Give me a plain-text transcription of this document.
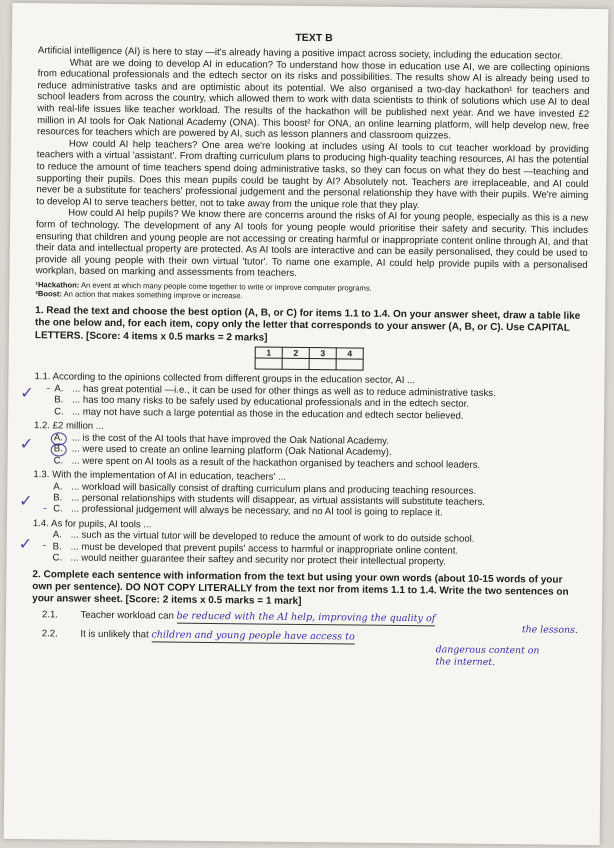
TEXT B

Artificial intelligence (AI) is here to stay —it's already having a positive impact across society, including the education sector.

What are we doing to develop AI in education? To understand how those in education use AI, we are collecting opinions from educational professionals and the edtech sector on its risks and possibilities. The results show AI is already being used to reduce administrative tasks and are optimistic about its potential. We also organised a two-day hackathon¹ for teachers and school leaders from across the country, which allowed them to work with data scientists to think of solutions which use AI to deal with real-life issues like teacher workload. The results of the hackathon will be published next year. And we have invested £2 million in AI tools for Oak National Academy (ONA). This boost² for ONA, an online learning platform, will help develop new, free resources for teachers which are powered by AI, such as lesson planners and classroom quizzes.

How could AI help teachers? One area we're looking at includes using AI tools to cut teacher workload by providing teachers with a virtual 'assistant'. From drafting curriculum plans to producing high-quality teaching resources, AI has the potential to reduce the amount of time teachers spend doing administrative tasks, so they can focus on what they do best —teaching and supporting their pupils. Does this mean pupils could be taught by AI? Absolutely not. Teachers are irreplaceable, and AI could never be a substitute for teachers' professional judgement and the personal relationship they have with their pupils. We're aiming to develop AI to serve teachers better, not to take away from the unique role that they play.

How could AI help pupils? We know there are concerns around the risks of AI for young people, especially as this is a new form of technology. The development of any AI tools for young people would prioritise their safety and security. This includes ensuring that children and young people are not accessing or creating harmful or inappropriate content online through AI, and that their data and intellectual property are protected. As AI tools are interactive and can be easily personalised, they could be used to provide all young people with their own virtual 'tutor'. To name one example, AI could help provide pupils with a personalised workplan, based on marking and assessments from teachers.

¹Hackathon: An event at which many people come together to write or improve computer programs.

²Boost: An action that makes something improve or increase.

1. Read the text and choose the best option (A, B, or C) for items 1.1 to 1.4. On your answer sheet, draw a table like the one below and, for each item, copy only the letter that corresponds to your answer (A, B, or C). Use CAPITAL LETTERS. [Score: 4 items x 0.5 marks = 2 marks]
1	2	3	4

1.1. According to the opinions collected from different groups in the education sector, AI ...
✓ - A. ... has great potential —i.e., it can be used for other things as well as to reduce administrative tasks.
B. ... has too many risks to be safely used by educational professionals and in the edtech sector.
C. ... may not have such a large potential as those in the education and edtech sector believed.
1.2. £2 million ...
✓	A. ... is the cost of the AI tools that have improved the Oak National Academy.
B. ... were used to create an online learning platform (Oak National Academy).
C. ... were spent on AI tools as a result of the hackathon organised by teachers and school leaders.
1.3. With the implementation of AI in education, teachers' ...
✓ -
A. ... workload will basically consist of drafting curriculum plans and producing teaching resources.
B. ... personal relationships with students will disappear, as virtual assistants will substitute teachers.
C. ... professional judgement will always be necessary, and no AI tool is going to replace it.
1.4. As for pupils, AI tools ...
✓ -
A. ... such as the virtual tutor will be developed to reduce the amount of work to do outside school.
B. ... must be developed that prevent pupils' access to harmful or inappropriate online content.
C. ... would neither guarantee their saftey and security nor protect their intellectual property.
2. Complete each sentence with information from the text but using your own words (about 10-15 words of your own per sentence). DO NOT COPY LITERALLY from the text nor from items 1.1 to 1.4. Write the two sentences on your answer sheet. [Score: 2 items x 0.5 marks = 1 mark]
2.1. Teacher workload can be reduced with the AI help, improving the quality of
the lessons.
2.2. It is unlikely that children and young people have access to
dangerous content on
the internet.
